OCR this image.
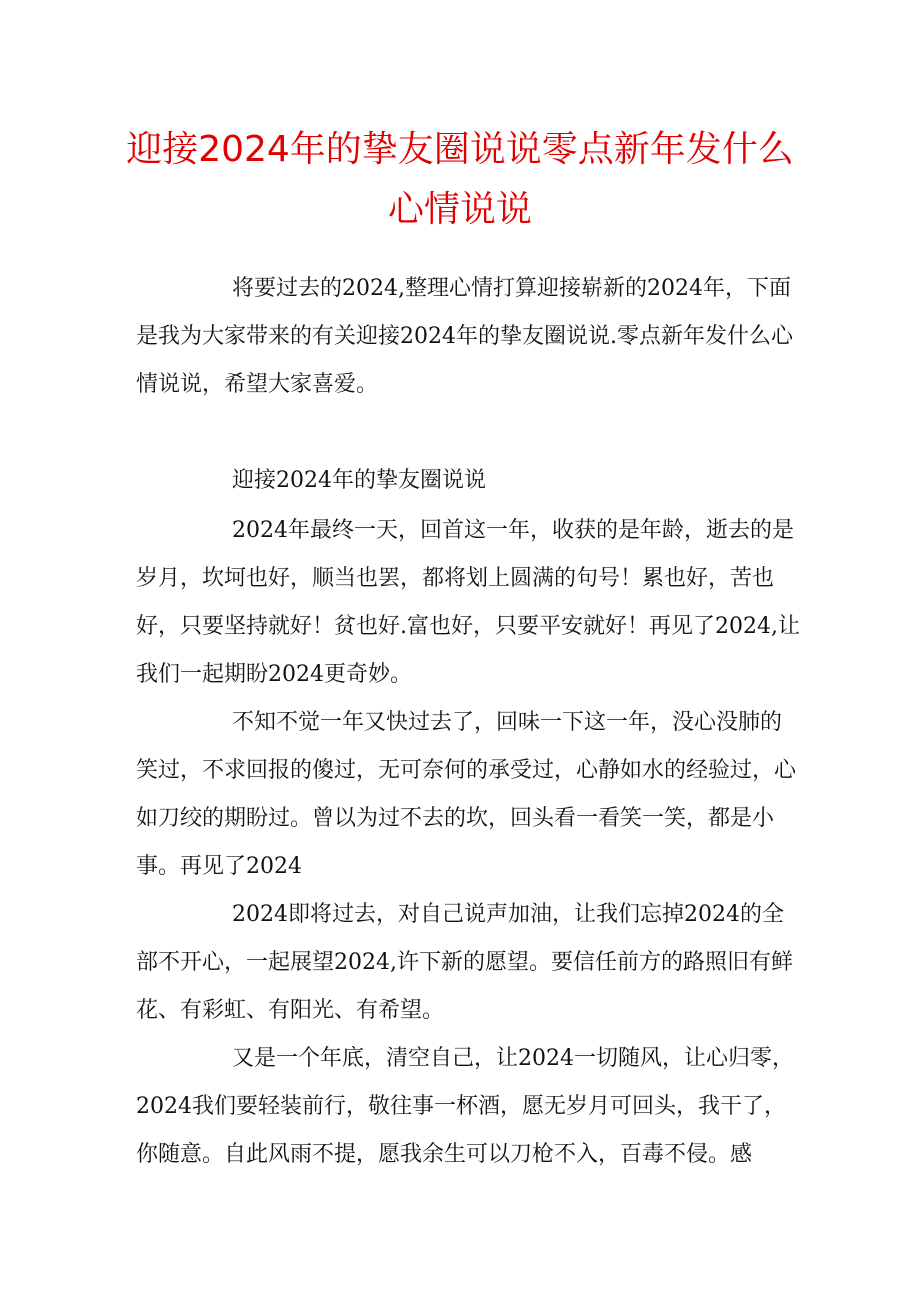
迎接2024年的挚友圈说说零点新年发什么心情说说

将要过去的2024,整理心情打算迎接崭新的2024年，下面是我为大家带来的有关迎接2024年的挚友圈说说.零点新年发什么心情说说，希望大家喜爱。

迎接2024年的挚友圈说说

2024年最终一天，回首这一年，收获的是年龄，逝去的是岁月，坎坷也好，顺当也罢，都将划上圆满的句号！累也好，苦也好，只要坚持就好！贫也好.富也好，只要平安就好！再见了2024,让我们一起期盼2024更奇妙。

不知不觉一年又快过去了，回味一下这一年，没心没肺的笑过，不求回报的傻过，无可奈何的承受过，心静如水的经验过，心如刀绞的期盼过。曾以为过不去的坎，回头看一看笑一笑，都是小事。再见了2024

2024即将过去，对自己说声加油，让我们忘掉2024的全部不开心，一起展望2024,许下新的愿望。要信任前方的路照旧有鲜花、有彩虹、有阳光、有希望。

又是一个年底，清空自己，让2024一切随风，让心归零，2024我们要轻装前行，敬往事一杯酒，愿无岁月可回头，我干了，你随意。自此风雨不提，愿我余生可以刀枪不入，百毒不侵。感
